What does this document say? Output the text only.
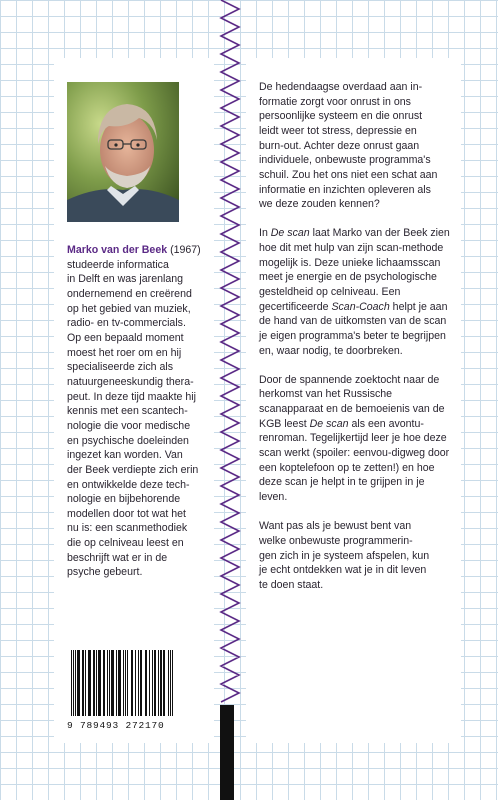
Marko van der Beek (1967)
studeerde informatica
in Delft en was jarenlang
ondernemend en creërend
op het gebied van muziek,
radio- en tv-commercials.
Op een bepaald moment
moest het roer om en hij
specialiseerde zich als
natuurgeneeskundig thera-
peut. In deze tijd maakte hij
kennis met een scantech-
nologie die voor medische
en psychische doeleinden
ingezet kan worden. Van
der Beek verdiepte zich erin
en ontwikkelde deze tech-
nologie en bijbehorende
modellen door tot wat het
nu is: een scanmethodiek
die op celniveau leest en
beschrijft wat er in de
psyche gebeurt.

De hedendaagse overdaad aan in-
formatie zorgt voor onrust in ons
persoonlijke systeem en die onrust
leidt weer tot stress, depressie en
burn-out. Achter deze onrust gaan
individuele, onbewuste programma's
schuil. Zou het ons niet een schat aan
informatie en inzichten opleveren als
we deze zouden kennen?

In De scan laat Marko van der Beek zien hoe dit met hulp van zijn scan-methode mogelijk is. Deze unieke lichaamsscan meet je energie en de psychologische gesteldheid op celniveau. Een gecertificeerde Scan-Coach helpt je aan de hand van de uitkomsten van de scan je eigen programma's beter te begrijpen en, waar nodig, te doorbreken.

Door de spannende zoektocht naar de herkomst van het Russische scanapparaat en de bemoeienis van de KGB leest De scan als een avontu-renroman. Tegelijkertijd leer je hoe deze scan werkt (spoiler: eenvou-digweg door een koptelefoon op te zetten!) en hoe deze scan je helpt in te grijpen in je leven.

Want pas als je bewust bent van
welke onbewuste programmerin-
gen zich in je systeem afspelen, kun
je echt ontdekken wat je in dit leven
te doen staat.

9 789493 272170
